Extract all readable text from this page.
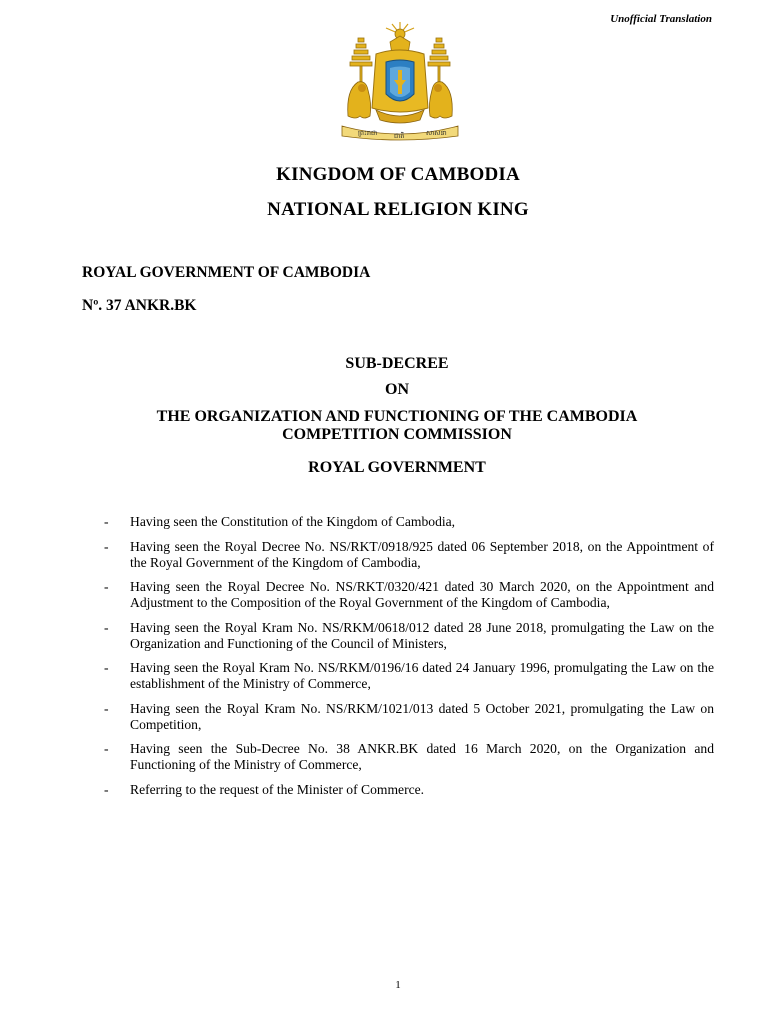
Unofficial Translation
ព្រះរាជា	ជាតិ	សាសនា
KINGDOM OF CAMBODIA
NATIONAL RELIGION KING
ROYAL GOVERNMENT OF CAMBODIA
Nº. 37 ANKR.BK
SUB-DECREE
ON
THE ORGANIZATION AND FUNCTIONING OF THE CAMBODIA COMPETITION COMMISSION
ROYAL GOVERNMENT
- Having seen the Constitution of the Kingdom of Cambodia,
- Having seen the Royal Decree No. NS/RKT/0918/925 dated 06 September 2018, on the Appointment of the Royal Government of the Kingdom of Cambodia,
- Having seen the Royal Decree No. NS/RKT/0320/421 dated 30 March 2020, on the Appointment and Adjustment to the Composition of the Royal Government of the Kingdom of Cambodia,
- Having seen the Royal Kram No. NS/RKM/0618/012 dated 28 June 2018, promulgating the Law on the Organization and Functioning of the Council of Ministers,
- Having seen the Royal Kram No. NS/RKM/0196/16 dated 24 January 1996, promulgating the Law on the establishment of the Ministry of Commerce,
- Having seen the Royal Kram No. NS/RKM/1021/013 dated 5 October 2021, promulgating the Law on Competition,
- Having seen the Sub-Decree No. 38 ANKR.BK dated 16 March 2020, on the Organization and Functioning of the Ministry of Commerce,
- Referring to the request of the Minister of Commerce.
1
